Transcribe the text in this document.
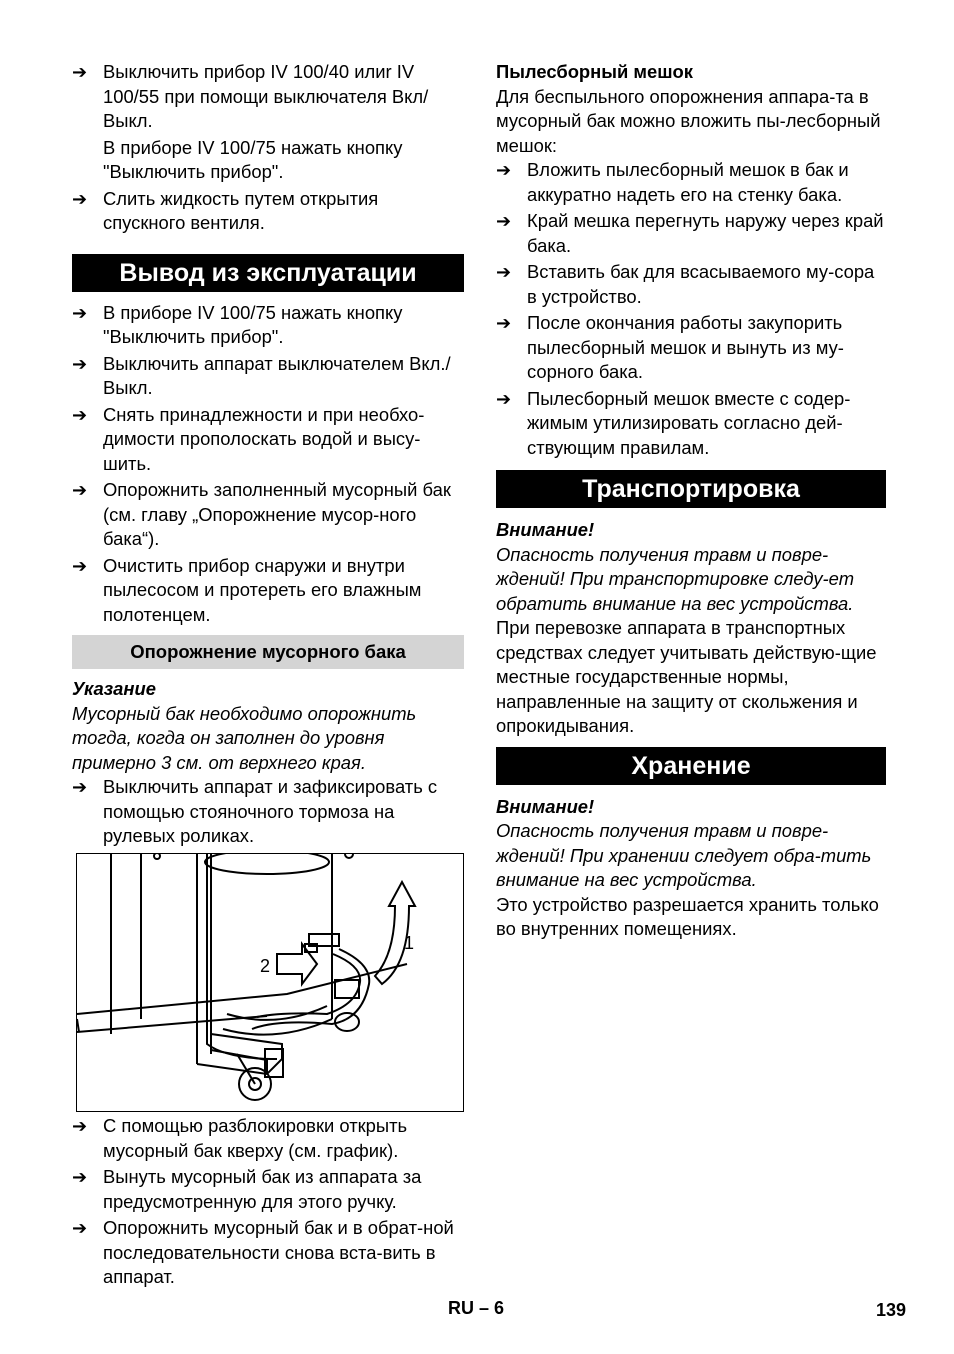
➔ Выключить прибор IV 100/40 илиr IV 100/55 при помощи выключателя Вкл/Выкл.
В приборе IV 100/75 нажать кнопку "Выключить прибор".
➔ Слить жидкость путем открытия спускного вентиля.
Вывод из эксплуатации
➔ В приборе IV 100/75 нажать кнопку "Выключить прибор".
➔ Выключить аппарат выключателем Вкл./Выкл.
➔ Снять принадлежности и при необхо-димости прополоскать водой и высу-шить.
➔ Опорожнить заполненный мусорный бак (см. главу „Опорожнение мусор-ного бака“).
➔ Очистить прибор снаружи и внутри пылесосом и протереть его влажным полотенцем.
Опорожнение мусорного бака
Указание
Мусорный бак необходимо опорожнить тогда, когда он заполнен до уровня примерно 3 см. от верхнего края.
➔ Выключить аппарат и зафиксировать с помощью стояночного тормоза на рулевых роликах.
1
2
➔ С помощью разблокировки открыть мусорный бак кверху (см. график).
➔ Вынуть мусорный бак из аппарата за предусмотренную для этого ручку.
➔ Опорожнить мусорный бак и в обрат-ной последовательности снова вста-вить в аппарат.
Пылесборный мешок
Для беспыльного опорожнения аппара-та в мусорный бак можно вложить пы-лесборный мешок:
➔ Вложить пылесборный мешок в бак и аккуратно надеть его на стенку бака.
➔ Край мешка перегнуть наружу через край бака.
➔ Вставить бак для всасываемого му-сора в устройство.
➔ После окончания работы закупорить пылесборный мешок и вынуть из му-сорного бака.
➔ Пылесборный мешок вместе с содер-жимым утилизировать согласно дей-ствующим правилам.
Транспортировка
Внимание!
Опасность получения травм и повре-ждений! При транспортировке следу-ет обратить внимание на вес устройства.
При перевозке аппарата в транспортных средствах следует учитывать действую-щие местные государственные нормы, направленные на защиту от скольжения и опрокидывания.
Хранение
Внимание!
Опасность получения травм и повре-ждений! При хранении следует обра-тить внимание на вес устройства.
Это устройство разрешается хранить только во внутренних помещениях.
RU – 6	139
